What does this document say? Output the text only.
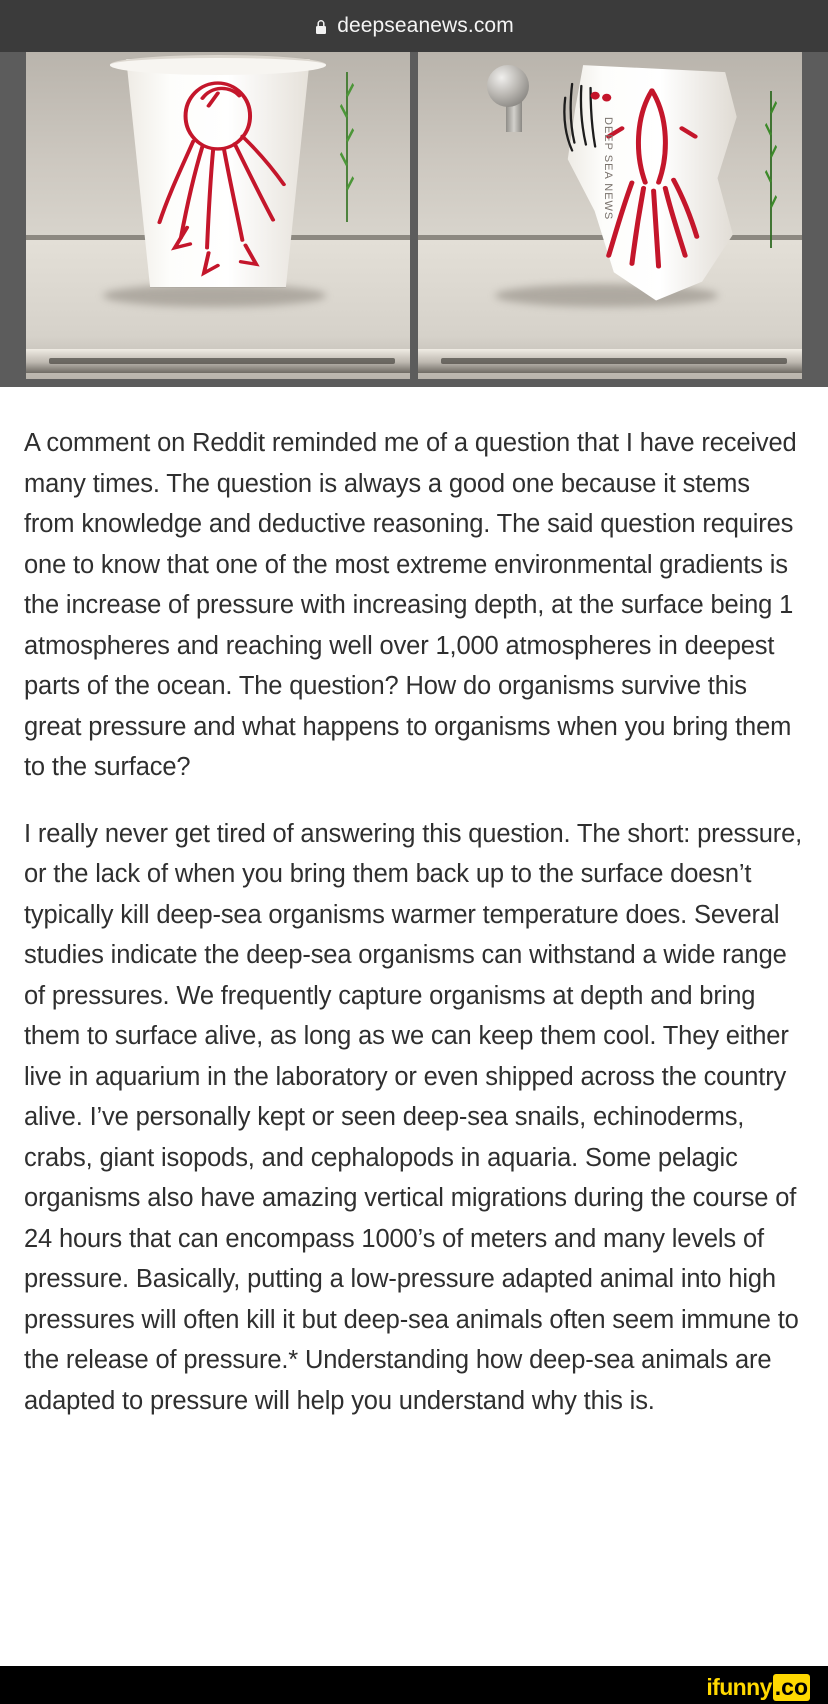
deepseanews.com
DEEP SEA NEWS

A comment on Reddit reminded me of a question that I have received many times. The question is always a good one because it stems from knowledge and deductive reasoning. The said question requires one to know that one of the most extreme environmental gradients is the increase of pressure with increasing depth, at the surface being 1 atmospheres and reaching well over 1,000 atmospheres in deepest parts of the ocean. The question? How do organisms survive this great pressure and what happens to organisms when you bring them to the surface?

I really never get tired of answering this question. The short: pressure, or the lack of when you bring them back up to the surface doesn’t typically kill deep-sea organisms warmer temperature does. Several studies indicate the deep-sea organisms can withstand a wide range of pressures. We frequently capture organisms at depth and bring them to surface alive, as long as we can keep them cool. They either live in aquarium in the laboratory or even shipped across the country alive. I’ve personally kept or seen deep-sea snails, echinoderms, crabs, giant isopods, and cephalopods in aquaria. Some pelagic organisms also have amazing vertical migrations during the course of 24 hours that can encompass 1000’s of meters and many levels of pressure. Basically, putting a low-pressure adapted animal into high pressures will often kill it but deep-sea animals often seem immune to the release of pressure.* Understanding how deep-sea animals are adapted to pressure will help you understand why this is.

ifunny .co
